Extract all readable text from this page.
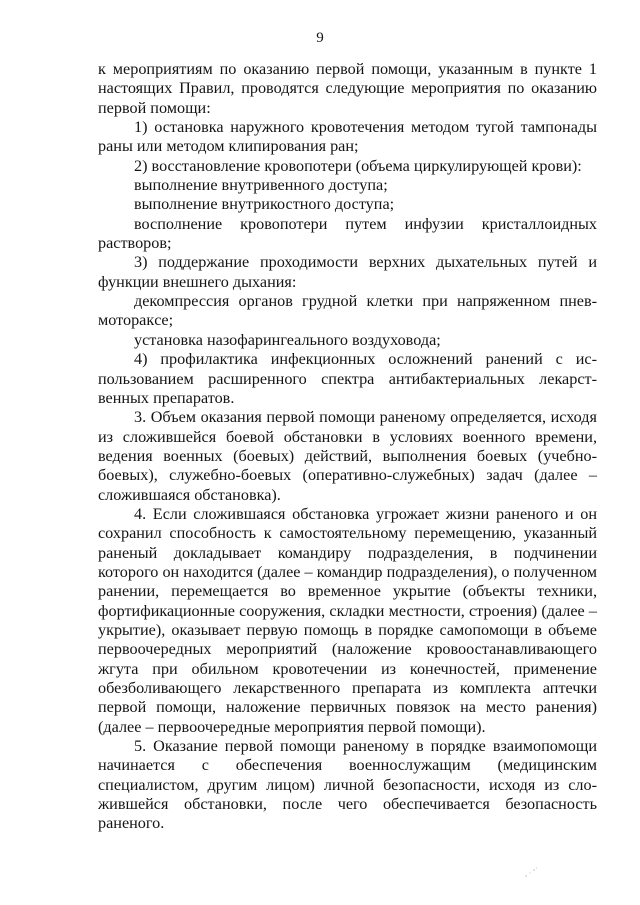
9

к мероприятиям по оказанию первой помощи, указанным в пункте 1 настоящих Правил, проводятся следующие мероприятия по оказанию первой помощи:

1) остановка наружного кровотечения методом тугой тампонады раны или методом клипирования ран;

2) восстановление кровопотери (объема циркулирующей крови):

выполнение внутривенного доступа;

выполнение внутрикостного доступа;

восполнение кровопотери путем инфузии кристаллоидных растворов;

3) поддержание проходимости верхних дыхательных путей и функции внешнего дыхания:

декомпрессия органов грудной клетки при напряженном пневмоторакce;

установка назофарингеального воздуховода;

4) профилактика инфекционных осложнений ранений с использованием расширенного спектра антибактериальных лекарственных препаратов.

3. Объем оказания первой помощи раненому определяется, исходя из сложившейся боевой обстановки в условиях военного времени, ведения военных (боевых) действий, выполнения боевых (учебно-боевых), служебно-боевых (оперативно-служебных) задач (далее – сложившаяся обстановка).

4. Если сложившаяся обстановка угрожает жизни раненого и он сохранил способность к самостоятельному перемещению, указанный раненый докладывает командиру подразделения, в подчинении которого он находится (далее – командир подразделения), о полученном ранении, перемещается во временное укрытие (объекты техники, фортификационные сооружения, складки местности, строения) (далее – укрытие), оказывает первую помощь в порядке самопомощи в объеме первоочередных мероприятий (наложение кровоостанавливающего жгута при обильном кровотечении из конечностей, применение обезболивающего лекарственного препарата из комплекта аптечки первой помощи, наложение первичных повязок на место ранения) (далее – первоочередные мероприятия первой помощи).

5. Оказание первой помощи раненому в порядке взаимопомощи начинается с обеспечения военнослужащим (медицинским специалистом, другим лицом) личной безопасности, исходя из сложившейся обстановки, после чего обеспечивается безопасность раненого.
